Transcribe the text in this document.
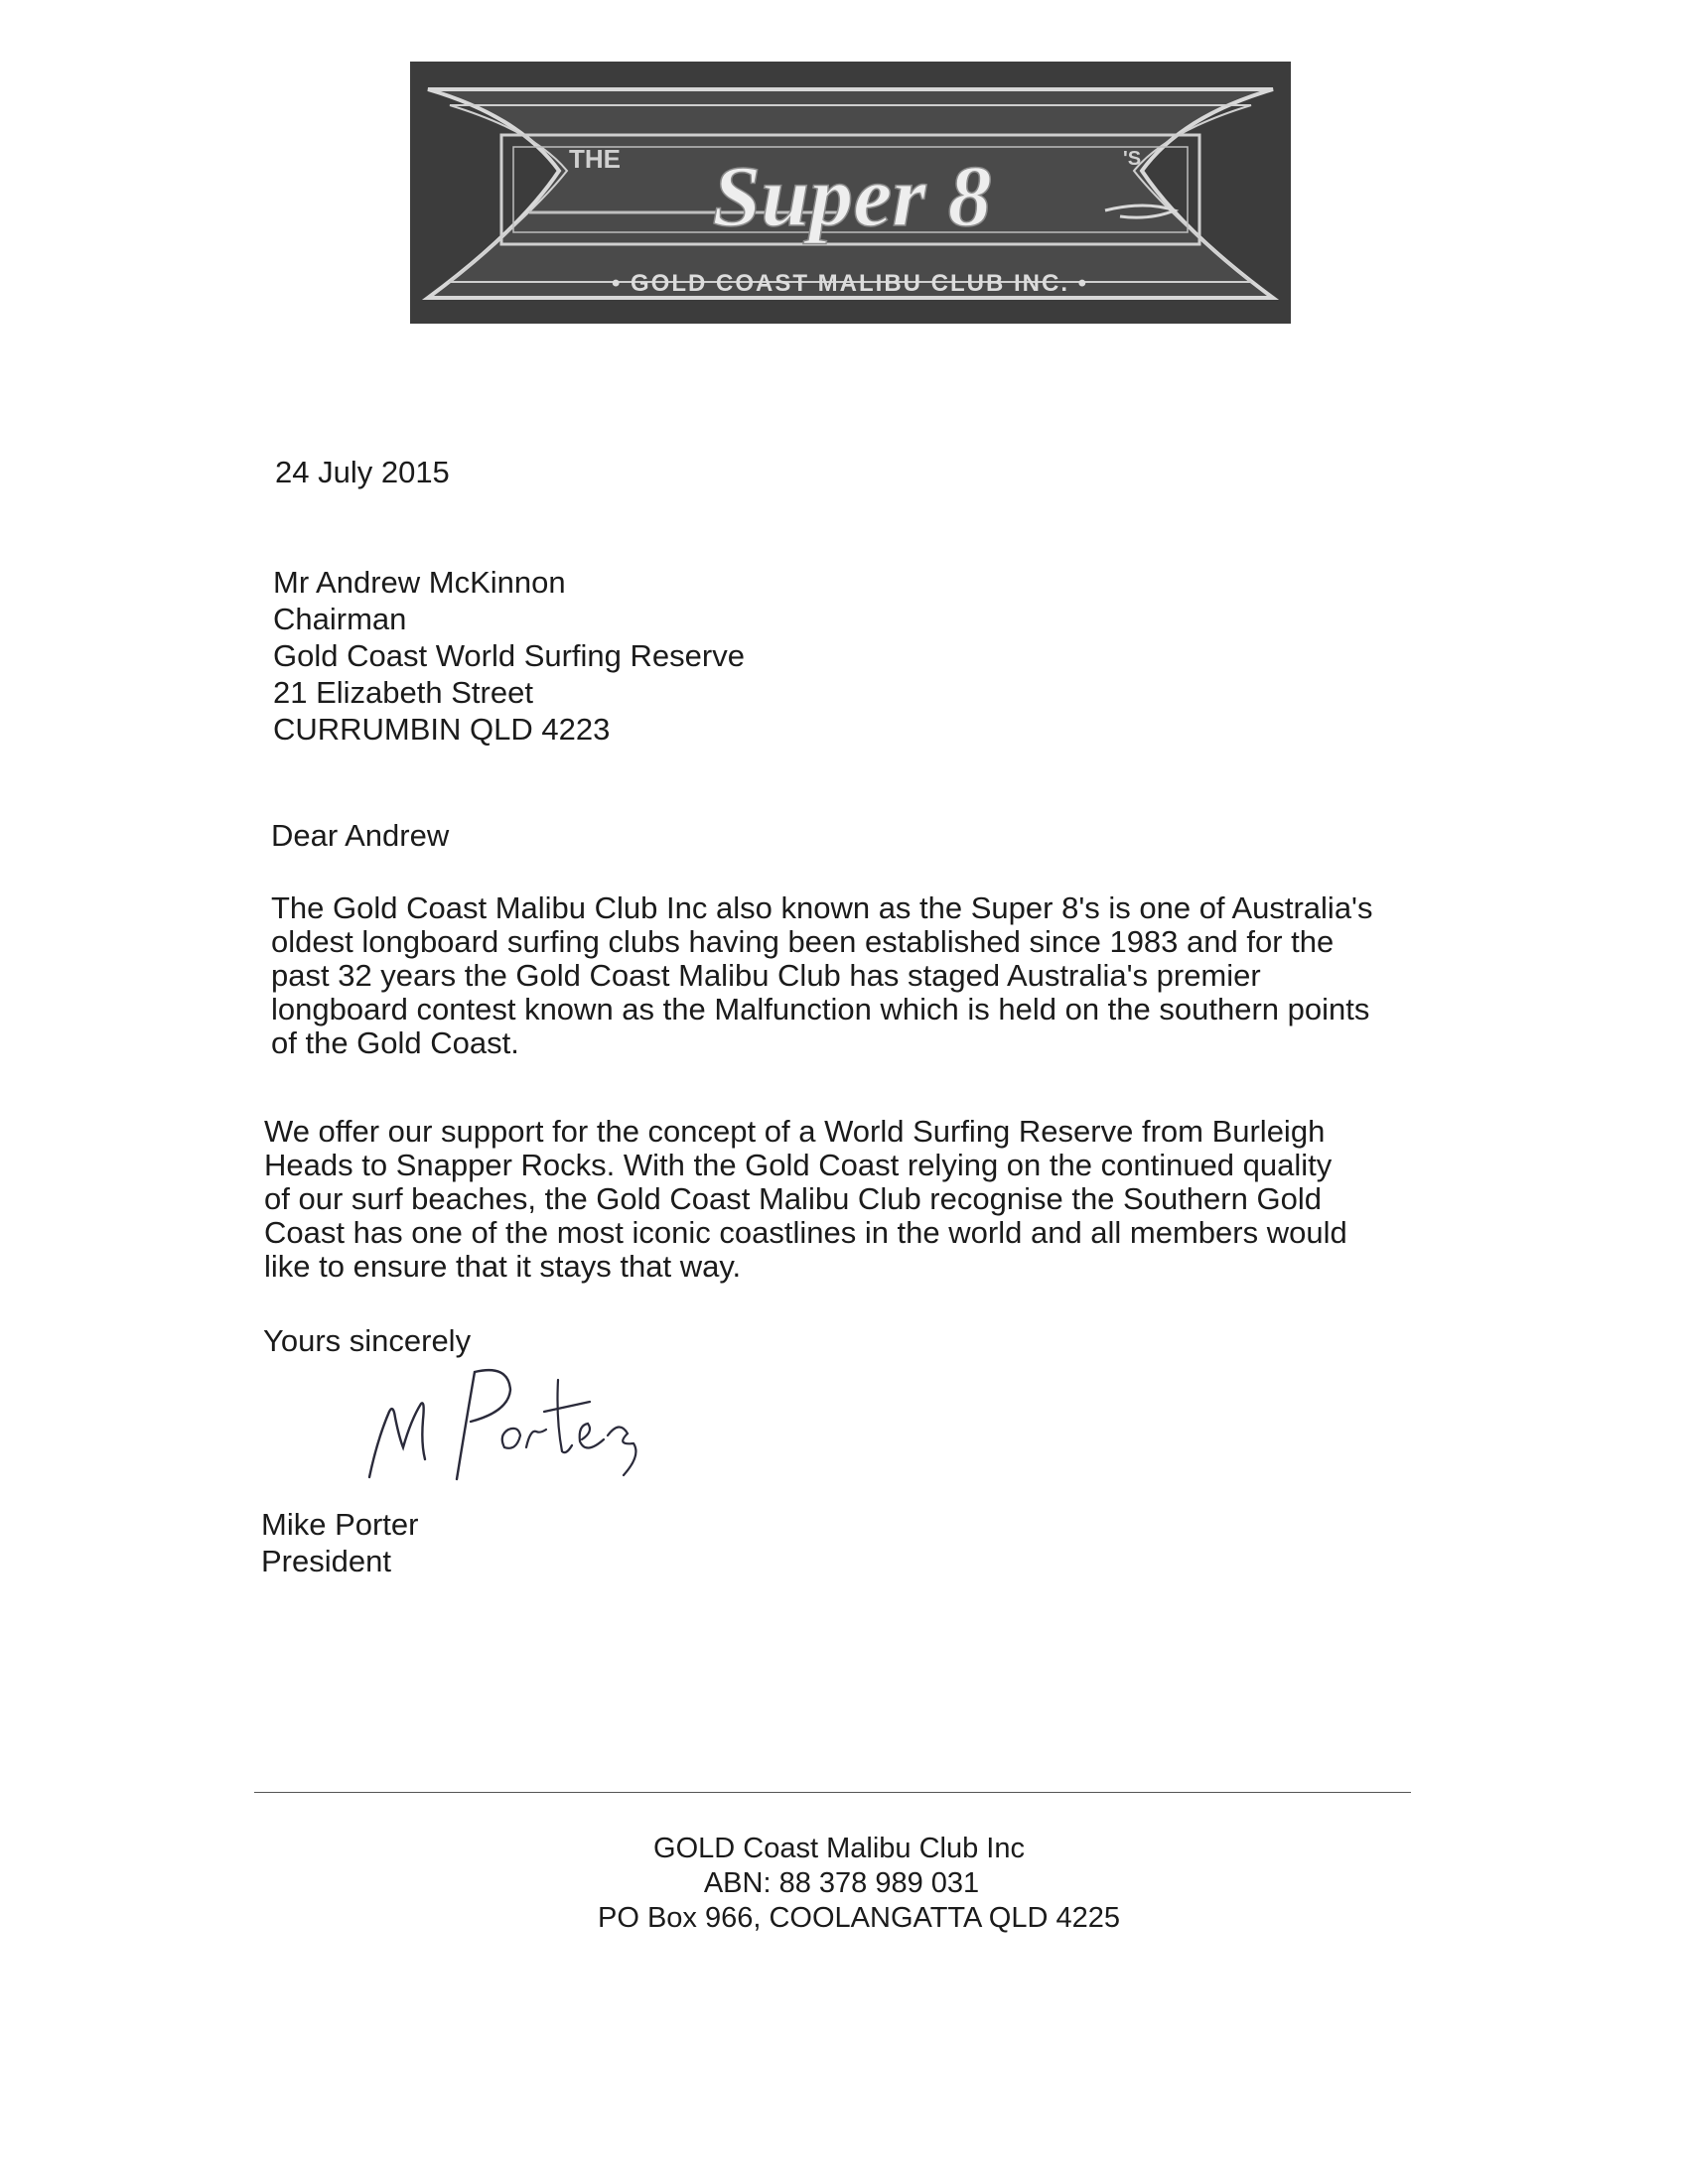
THE Super 8	'S
• GOLD COAST MALIBU CLUB INC. •
24 July 2015
Mr Andrew McKinnon
Chairman
Gold Coast World Surfing Reserve
21 Elizabeth Street
CURRUMBIN QLD 4223
Dear Andrew
The Gold Coast Malibu Club Inc also known as the Super 8's is one of Australia's
oldest longboard surfing clubs having been established since 1983 and for the
past 32 years the Gold Coast Malibu Club has staged Australia's premier
longboard contest known as the Malfunction which is held on the southern points
of the Gold Coast.
We offer our support for the concept of a World Surfing Reserve from Burleigh
Heads to Snapper Rocks. With the Gold Coast relying on the continued quality
of our surf beaches, the Gold Coast Malibu Club recognise the Southern Gold
Coast has one of the most iconic coastlines in the world and all members would
like to ensure that it stays that way.
Yours sincerely
Mike Porter
President
GOLD Coast Malibu Club Inc
ABN: 88 378 989 031
PO Box 966, COOLANGATTA QLD 4225
